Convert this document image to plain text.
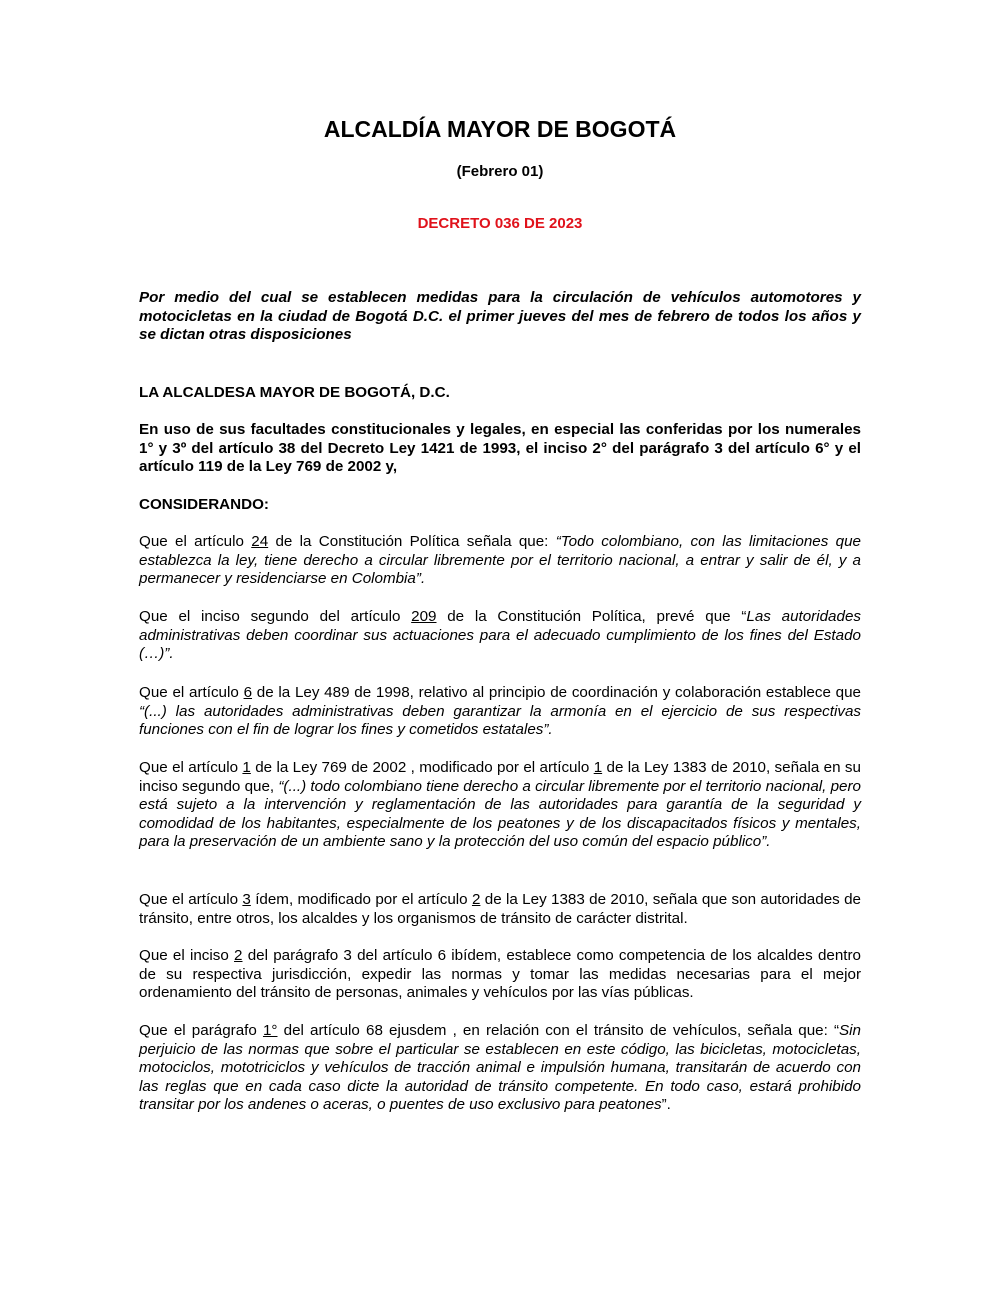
ALCALDÍA MAYOR DE BOGOTÁ

(Febrero 01)

DECRETO 036 DE 2023

Por medio del cual se establecen medidas para la circulación de vehículos automotores y motocicletas en la ciudad de Bogotá D.C. el primer jueves del mes de febrero de todos los años y se dictan otras disposiciones

LA ALCALDESA MAYOR DE BOGOTÁ, D.C.

En uso de sus facultades constitucionales y legales, en especial las conferidas por los numerales 1° y 3º del artículo 38 del Decreto Ley 1421 de 1993, el inciso 2° del parágrafo 3 del artículo 6° y el artículo 119 de la Ley 769 de 2002 y,

CONSIDERANDO:

Que el artículo 24 de la Constitución Política señala que: “Todo colombiano, con las limitaciones que establezca la ley, tiene derecho a circular libremente por el territorio nacional, a entrar y salir de él, y a permanecer y residenciarse en Colombia”.

Que el inciso segundo del artículo 209 de la Constitución Política, prevé que “Las autoridades administrativas deben coordinar sus actuaciones para el adecuado cumplimiento de los fines del Estado (…)”.

Que el artículo 6 de la Ley 489 de 1998, relativo al principio de coordinación y colaboración establece que “(...) las autoridades administrativas deben garantizar la armonía en el ejercicio de sus respectivas funciones con el fin de lograr los fines y cometidos estatales”.

Que el artículo 1 de la Ley 769 de 2002 , modificado por el artículo 1 de la Ley 1383 de 2010, señala en su inciso segundo que, “(...) todo colombiano tiene derecho a circular libremente por el territorio nacional, pero está sujeto a la intervención y reglamentación de las autoridades para garantía de la seguridad y comodidad de los habitantes, especialmente de los peatones y de los discapacitados físicos y mentales, para la preservación de un ambiente sano y la protección del uso común del espacio público”.

Que el artículo 3 ídem, modificado por el artículo 2 de la Ley 1383 de 2010, señala que son autoridades de tránsito, entre otros, los alcaldes y los organismos de tránsito de carácter distrital.

Que el inciso 2 del parágrafo 3 del artículo 6 ibídem, establece como competencia de los alcaldes dentro de su respectiva jurisdicción, expedir las normas y tomar las medidas necesarias para el mejor ordenamiento del tránsito de personas, animales y vehículos por las vías públicas.

Que el parágrafo 1° del artículo 68 ejusdem , en relación con el tránsito de vehículos, señala que: “Sin perjuicio de las normas que sobre el particular se establecen en este código, las bicicletas, motocicletas, motociclos, mototriciclos y vehículos de tracción animal e impulsión humana, transitarán de acuerdo con las reglas que en cada caso dicte la autoridad de tránsito competente. En todo caso, estará prohibido transitar por los andenes o aceras, o puentes de uso exclusivo para peatones”.
